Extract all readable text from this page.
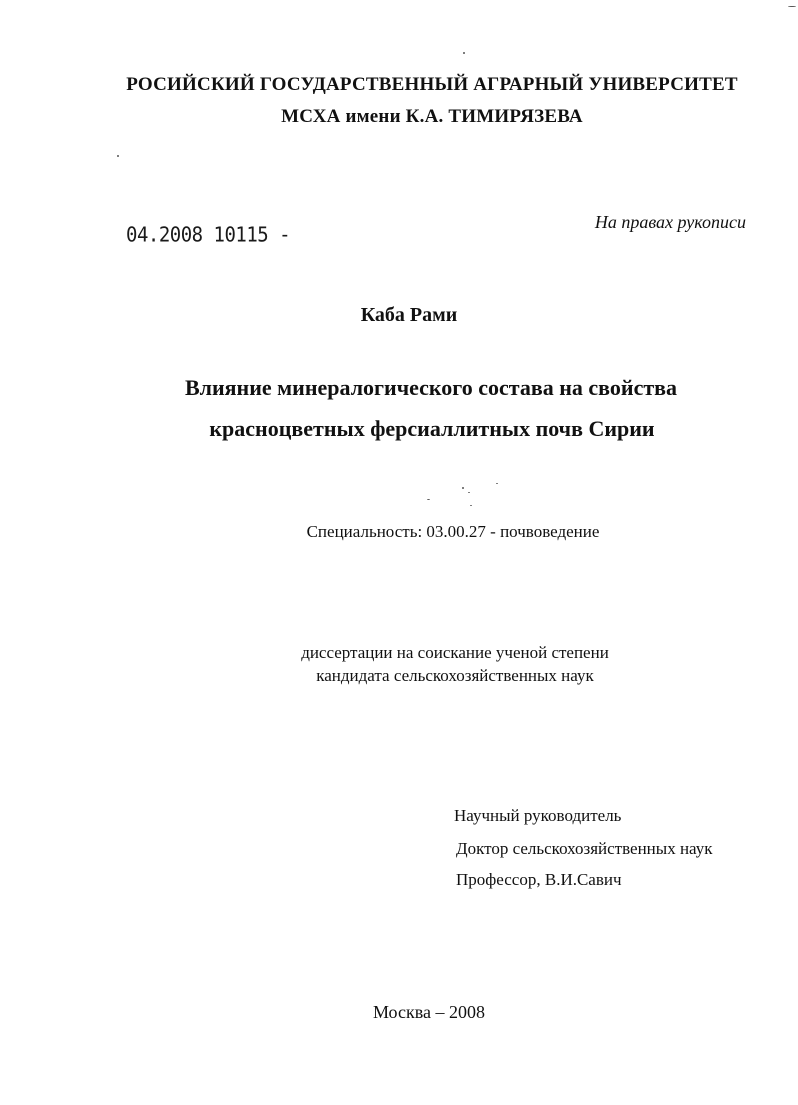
РОСИЙСКИЙ ГОСУДАРСТВЕННЫЙ АГРАРНЫЙ УНИВЕРСИТЕТ
МСХА имени К.А. ТИМИРЯЗЕВА
04.2008 10115 -
На правах рукописи
Каба Рами
Влияние минералогического состава на свойства
красноцветных ферсиаллитных почв Сирии
Специальность: 03.00.27 - почвоведение
диссертации на соискание ученой степени
кандидата сельскохозяйственных наук
Научный руководитель
Доктор сельскохозяйственных наук
Профессор, В.И.Савич
Москва – 2008
